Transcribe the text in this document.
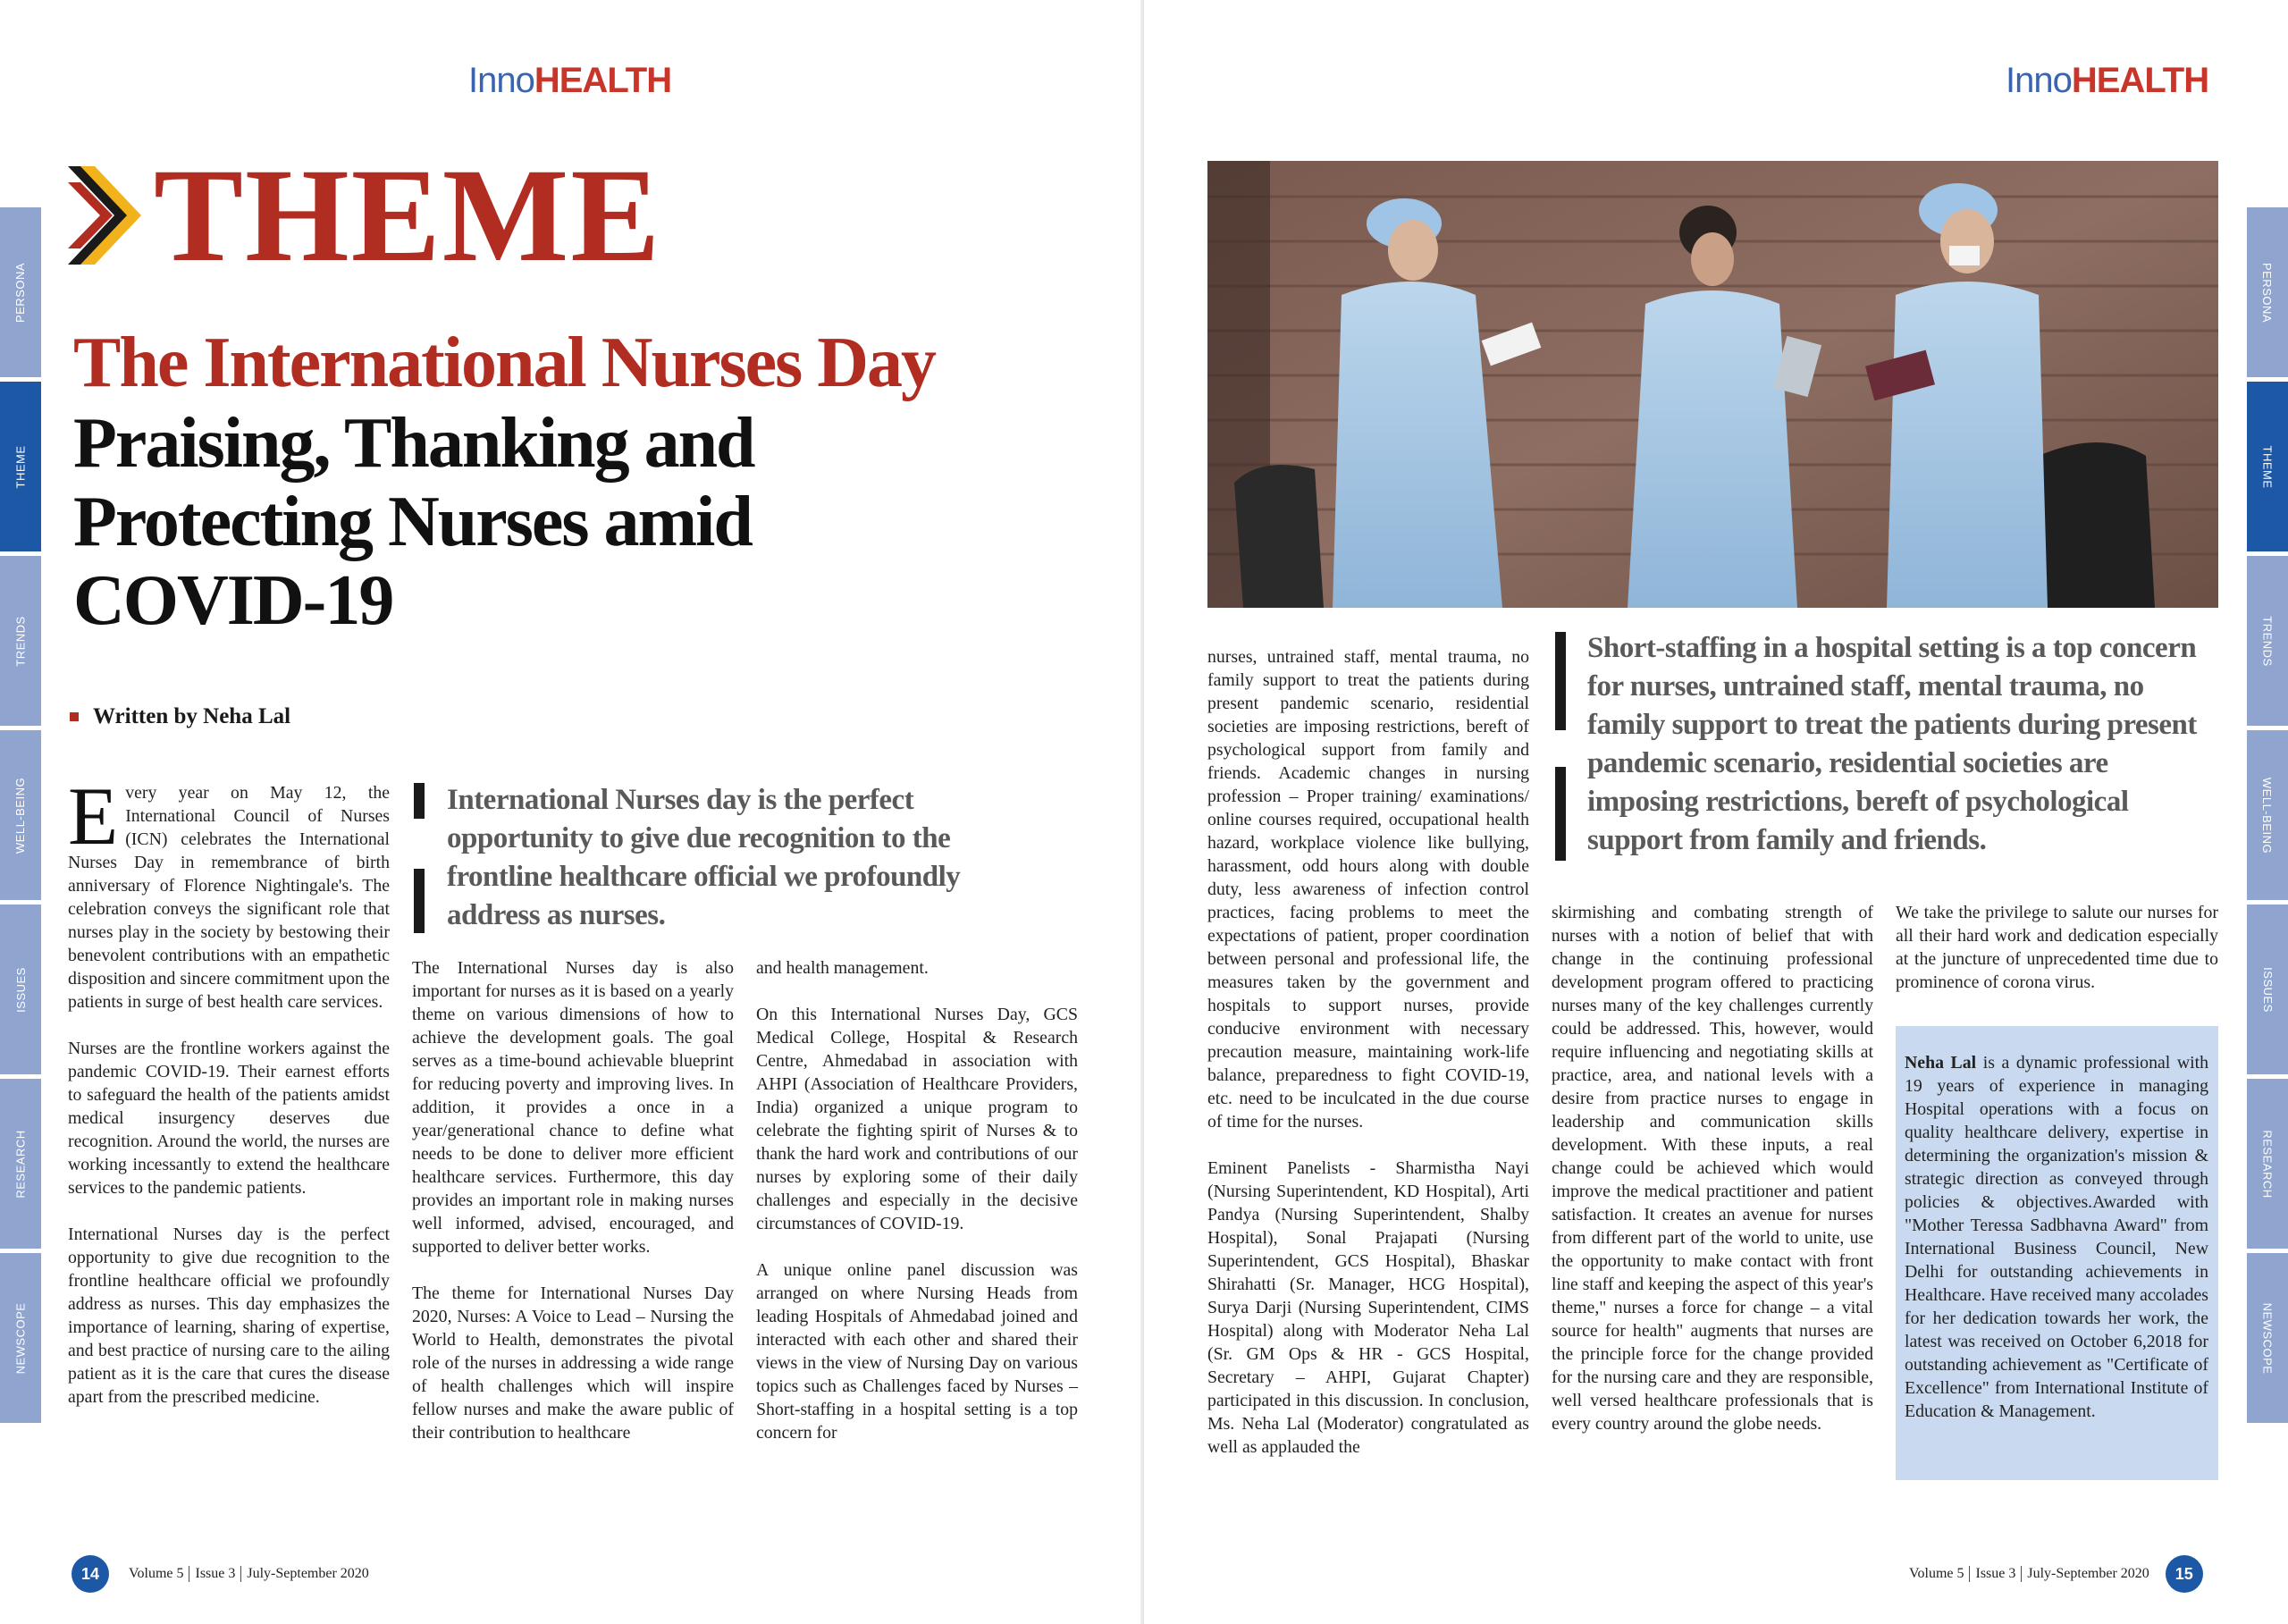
PERSONA
THEME
TRENDS
WELL-BEING
ISSUES
RESEARCH
NEWSCOPE
InnoHEALTH
THEME
The International Nurses Day
Praising, Thanking and Protecting Nurses amid COVID-19
Written by Neha Lal

Every year on May 12, the International Council of Nurses (ICN) celebrates the International Nurses Day in remembrance of birth anniversary of Florence Nightingale's. The celebration conveys the significant role that nurses play in the society by bestowing their benevolent contributions with an empathetic disposition and sincere commitment upon the patients in surge of best health care services.

Nurses are the frontline workers against the pandemic COVID-19. Their earnest efforts to safeguard the health of the patients amidst medical insurgency deserves due recognition. Around the world, the nurses are working incessantly to extend the healthcare services to the pandemic patients.

International Nurses day is the perfect opportunity to give due recognition to the frontline healthcare official we profoundly address as nurses. This day emphasizes the importance of learning, sharing of expertise, and best practice of nursing care to the ailing patient as it is the care that cures the disease apart from the prescribed medicine.

International Nurses day is the perfect opportunity to give due recognition to the frontline healthcare official we profoundly address as nurses.

The International Nurses day is also important for nurses as it is based on a yearly theme on various dimensions of how to achieve the development goals. The goal serves as a time-bound achievable blueprint for reducing poverty and improving lives. In addition, it provides a once in a year/generational chance to define what needs to be done to deliver more efficient healthcare services. Furthermore, this day provides an important role in making nurses well informed, advised, encouraged, and supported to deliver better works.

The theme for International Nurses Day 2020, Nurses: A Voice to Lead – Nursing the World to Health, demonstrates the pivotal role of the nurses in addressing a wide range of health challenges which will inspire fellow nurses and make the aware public of their contribution to healthcare

and health management.

On this International Nurses Day, GCS Medical College, Hospital & Research Centre, Ahmedabad in association with AHPI (Association of Healthcare Providers, India) organized a unique program to celebrate the fighting spirit of Nurses & to thank the hard work and contributions of our nurses by exploring some of their daily challenges and especially in the decisive circumstances of COVID-19.

A unique online panel discussion was arranged on where Nursing Heads from leading Hospitals of Ahmedabad joined and interacted with each other and shared their views in the view of Nursing Day on various topics such as Challenges faced by Nurses – Short-staffing in a hospital setting is a top concern for

14	Volume 5 Issue 3 July-September 2020
PERSONA
THEME
TRENDS
WELL-BEING
ISSUES
RESEARCH
NEWSCOPE
InnoHEALTH

nurses, untrained staff, mental trauma, no family support to treat the patients during present pandemic scenario, residential societies are imposing restrictions, bereft of psychological support from family and friends. Academic changes in nursing profession – Proper training/ examinations/ online courses required, occupational health hazard, workplace violence like bullying, harassment, odd hours along with double duty, less awareness of infection control practices, facing problems to meet the expectations of patient, proper coordination between personal and professional life, the measures taken by the government and hospitals to support nurses, provide conducive environment with necessary precaution measure, maintaining work-life balance, preparedness to fight COVID-19, etc. need to be inculcated in the due course of time for the nurses.

Eminent Panelists - Sharmistha Nayi (Nursing Superintendent, KD Hospital), Arti Pandya (Nursing Superintendent, Shalby Hospital), Sonal Prajapati (Nursing Superintendent, GCS Hospital), Bhaskar Shirahatti (Sr. Manager, HCG Hospital), Surya Darji (Nursing Superintendent, CIMS Hospital) along with Moderator Neha Lal (Sr. GM Ops & HR - GCS Hospital, Secretary – AHPI, Gujarat Chapter) participated in this discussion. In conclusion, Ms. Neha Lal (Moderator) congratulated as well as applauded the

Short-staffing in a hospital setting is a top concern for nurses, untrained staff, mental trauma, no family support to treat the patients during present pandemic scenario, residential societies are imposing restrictions, bereft of psychological support from family and friends.

skirmishing and combating strength of nurses with a notion of belief that with change in the continuing professional development program offered to practicing nurses many of the key challenges currently could be addressed. This, however, would require influencing and negotiating skills at practice, area, and national levels with a desire from practice nurses to engage in leadership and communication skills development. With these inputs, a real change could be achieved which would improve the medical practitioner and patient satisfaction. It creates an avenue for nurses from different part of the world to unite, use the opportunity to make contact with front line staff and keeping the aspect of this year's theme," nurses a force for change – a vital source for health" augments that nurses are the principle force for the change provided for the nursing care and they are responsible, well versed healthcare professionals that is every country around the globe needs.

We take the privilege to salute our nurses for all their hard work and dedication especially at the juncture of unprecedented time due to prominence of corona virus.

Neha Lal is a dynamic professional with 19 years of experience in managing Hospital operations with a focus on quality healthcare delivery, expertise in determining the organization's mission & strategic direction as conveyed through policies & objectives.Awarded with "Mother Teressa Sadbhavna Award" from International Business Council, New Delhi for outstanding achievements in Healthcare. Have received many accolades for her dedication towards her work, the latest was received on October 6,2018 for outstanding achievement as "Certificate of Excellence" from International Institute of Education & Management.
Volume 5 Issue 3 July-September 2020	15
